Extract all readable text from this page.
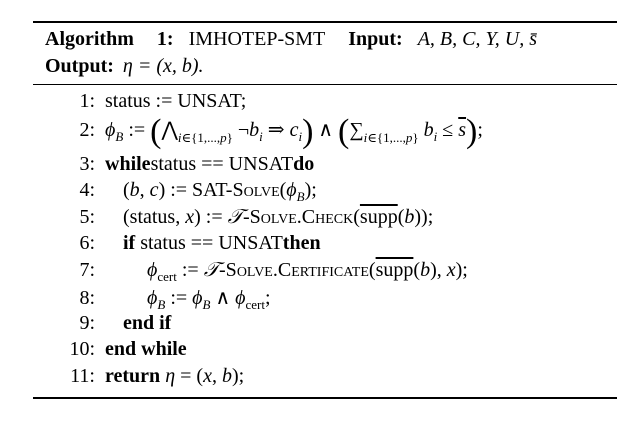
Algorithm 1: IMHOTEP-SMT Input: A, B, C, Y, U, s̄
Output: η = (x, b).
1: status := UNSAT;
2: $\phi_B$ := ($⋀_{i\in\{1,...,p\}}$ $\neg b_i$ ⇒ $c_i$) ∧ ($\sum_{i\in\{1,...,p\}}$ $b_i \le \overline{s}$);
3: whilestatus == UNSATdo
4:	(b, c) := SAT-$Solve(\phi_B)$;
5:	(status, x) := 𝒯-Solve.Check(supp(b));
6:	if status == UNSATthen
7:	$\phi_{cert}$ := 𝒯-Solve.Certificate(supp(b), x);
8:	$\phi_B$ := $\phi_B$ ∧ $\phi_{cert}$;
9:	end if
10: end while
11: return η = (x, b);
